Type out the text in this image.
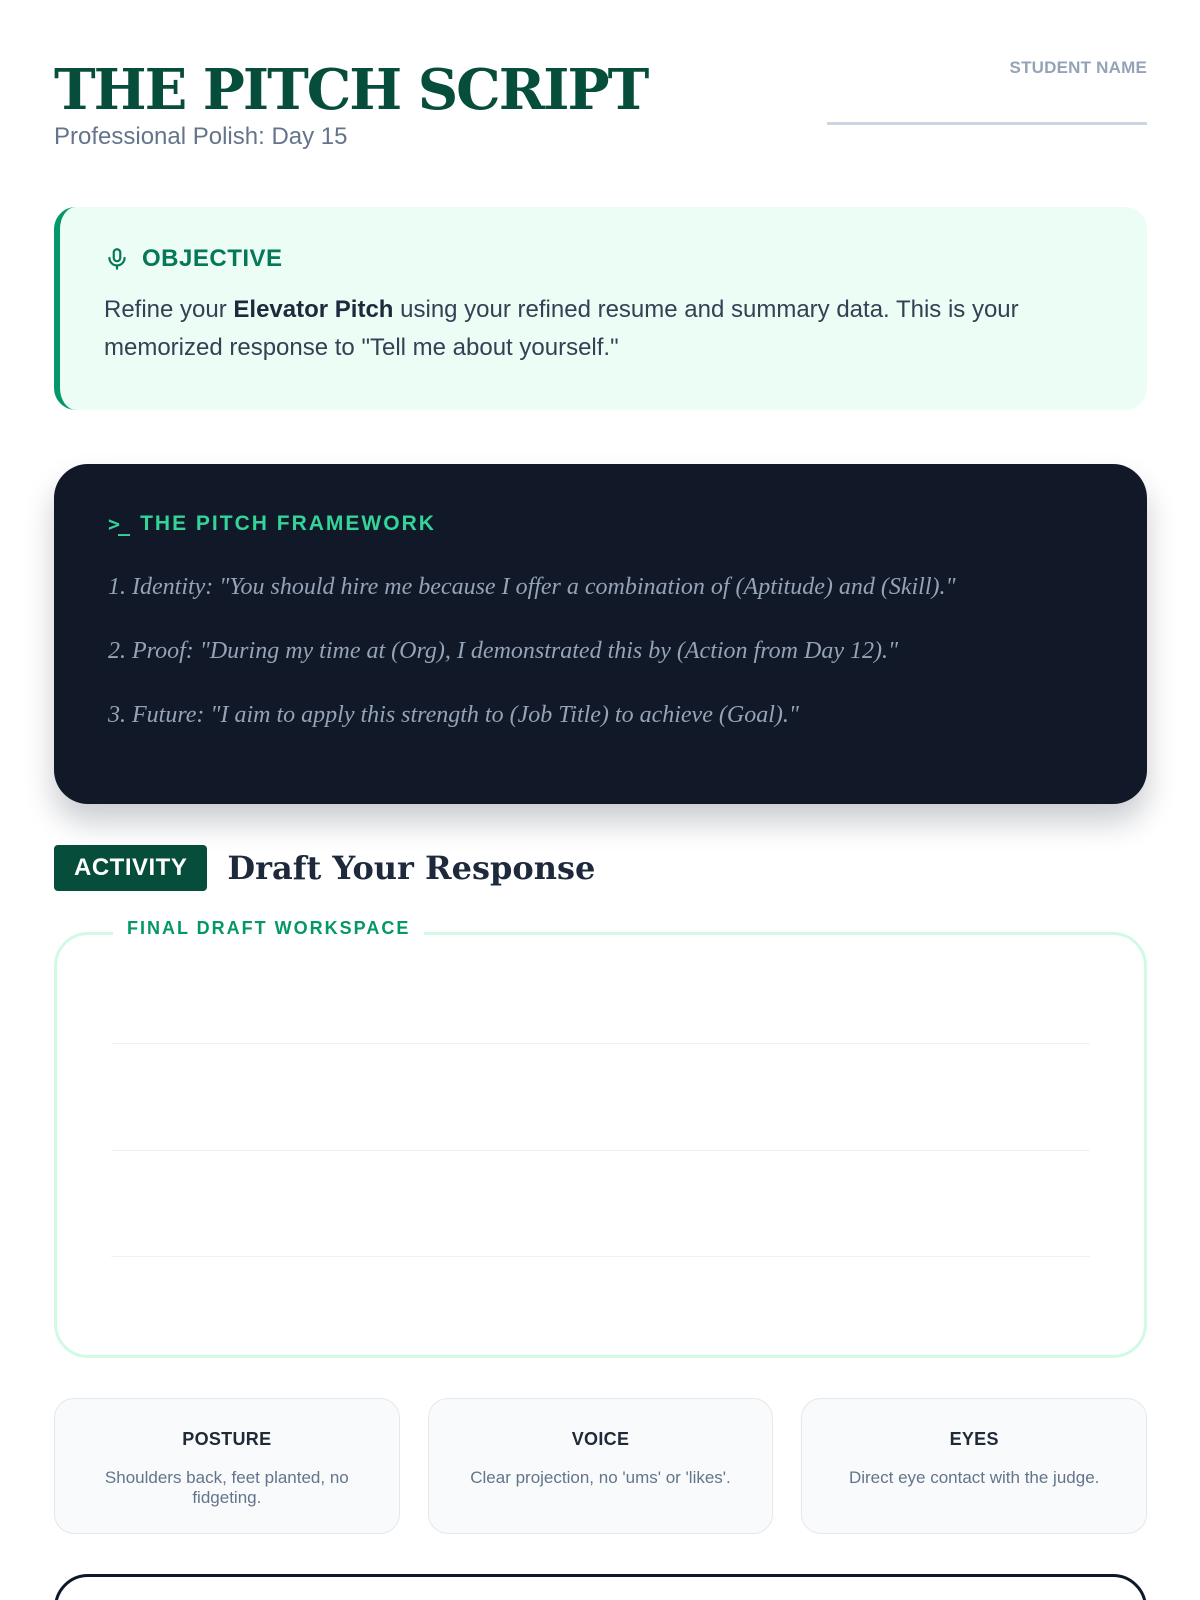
THE PITCH SCRIPT
Professional Polish: Day 15
STUDENT NAME
OBJECTIVE
Refine your Elevator Pitch using your refined resume and summary data. This is your memorized response to "Tell me about yourself."
>_ THE PITCH FRAMEWORK
1. Identity: "You should hire me because I offer a combination of (Aptitude) and (Skill)."
2. Proof: "During my time at (Org), I demonstrated this by (Action from Day 12)."
3. Future: "I aim to apply this strength to (Job Title) to achieve (Goal)."
ACTIVITY	Draft Your Response
FINAL DRAFT WORKSPACE
POSTURE
Shoulders back, feet planted, no fidgeting.
VOICE
Clear projection, no 'ums' or 'likes'.
EYES
Direct eye contact with the judge.
